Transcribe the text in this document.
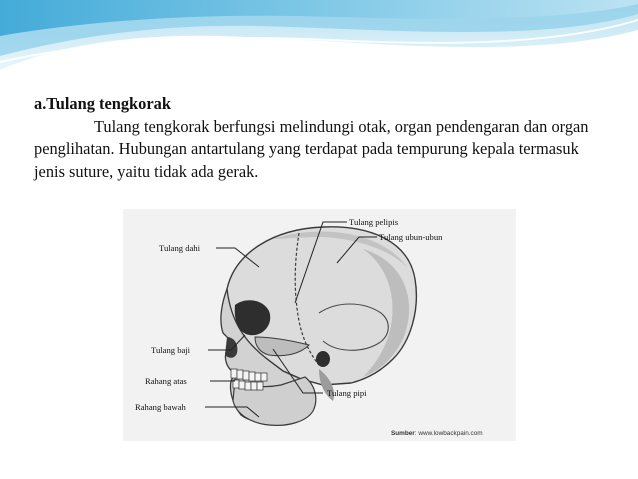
a.Tulang tengkorak
Tulang tengkorak berfungsi melindungi otak, organ pendengaran dan organ penglihatan. Hubungan antartulang yang terdapat pada tempurung kepala termasuk jenis suture, yaitu tidak ada gerak.
Tulang dahi
Tulang pelipis
Tulang ubun-ubun
Tulang baji
Rahang atas
Rahang bawah
Tulang pipi
Sumber: www.lowbackpain.com
